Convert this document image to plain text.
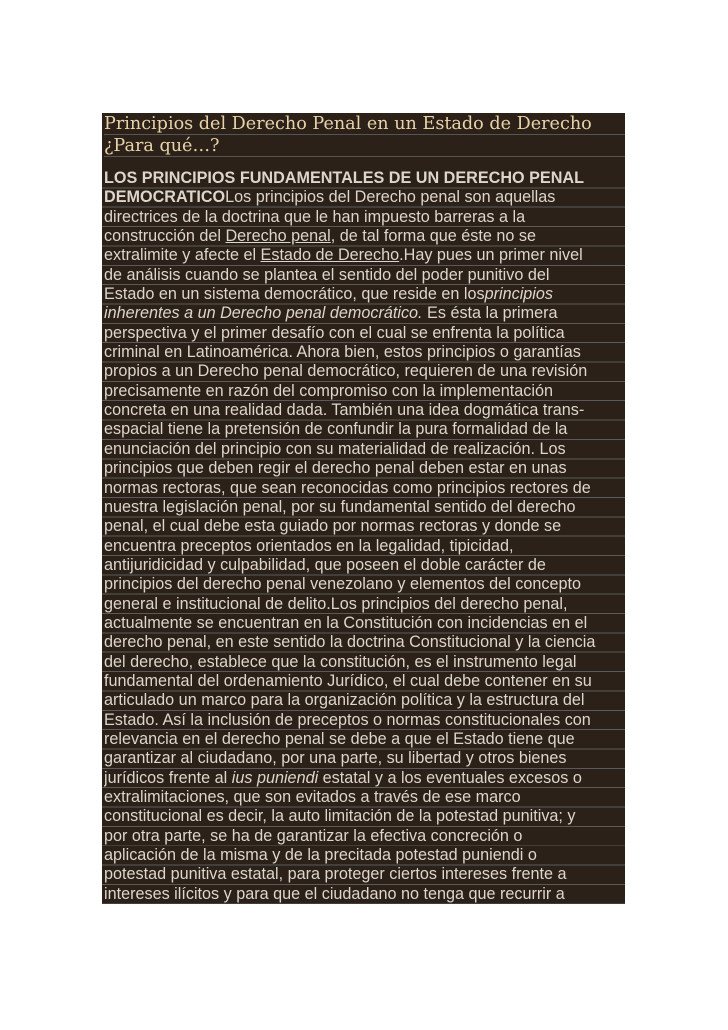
Principios del Derecho Penal en un Estado de Derecho
¿Para qué…?
LOS PRINCIPIOS FUNDAMENTALES DE UN DERECHO PENAL
DEMOCRATICOLos principios del Derecho penal son aquellas
directrices de la doctrina que le han impuesto barreras a la
construcción del Derecho penal, de tal forma que éste no se
extralimite y afecte el Estado de Derecho.Hay pues un primer nivel
de análisis cuando se plantea el sentido del poder punitivo del
Estado en un sistema democrático, que reside en losprincipios
inherentes a un Derecho penal democrático. Es ésta la primera
perspectiva y el primer desafío con el cual se enfrenta la política
criminal en Latinoamérica. Ahora bien, estos principios o garantías
propios a un Derecho penal democrático, requieren de una revisión
precisamente en razón del compromiso con la implementación
concreta en una realidad dada. También una idea dogmática trans-
espacial tiene la pretensión de confundir la pura formalidad de la
enunciación del principio con su materialidad de realización. Los
principios que deben regir el derecho penal deben estar en unas
normas rectoras, que sean reconocidas como principios rectores de
nuestra legislación penal, por su fundamental sentido del derecho
penal, el cual debe esta guiado por normas rectoras y donde se
encuentra preceptos orientados en la legalidad, tipicidad,
antijuridicidad y culpabilidad, que poseen el doble carácter de
principios del derecho penal venezolano y elementos del concepto
general e institucional de delito.Los principios del derecho penal,
actualmente se encuentran en la Constitución con incidencias en el
derecho penal, en este sentido la doctrina Constitucional y la ciencia
del derecho, establece que la constitución, es el instrumento legal
fundamental del ordenamiento Jurídico, el cual debe contener en su
articulado un marco para la organización política y la estructura del
Estado. Así la inclusión de preceptos o normas constitucionales con
relevancia en el derecho penal se debe a que el Estado tiene que
garantizar al ciudadano, por una parte, su libertad y otros bienes
jurídicos frente al ius puniendi estatal y a los eventuales excesos o
extralimitaciones, que son evitados a través de ese marco
constitucional es decir, la auto limitación de la potestad punitiva; y
por otra parte, se ha de garantizar la efectiva concreción o
aplicación de la misma y de la precitada potestad puniendi o
potestad punitiva estatal, para proteger ciertos intereses frente a
intereses ilícitos y para que el ciudadano no tenga que recurrir a
